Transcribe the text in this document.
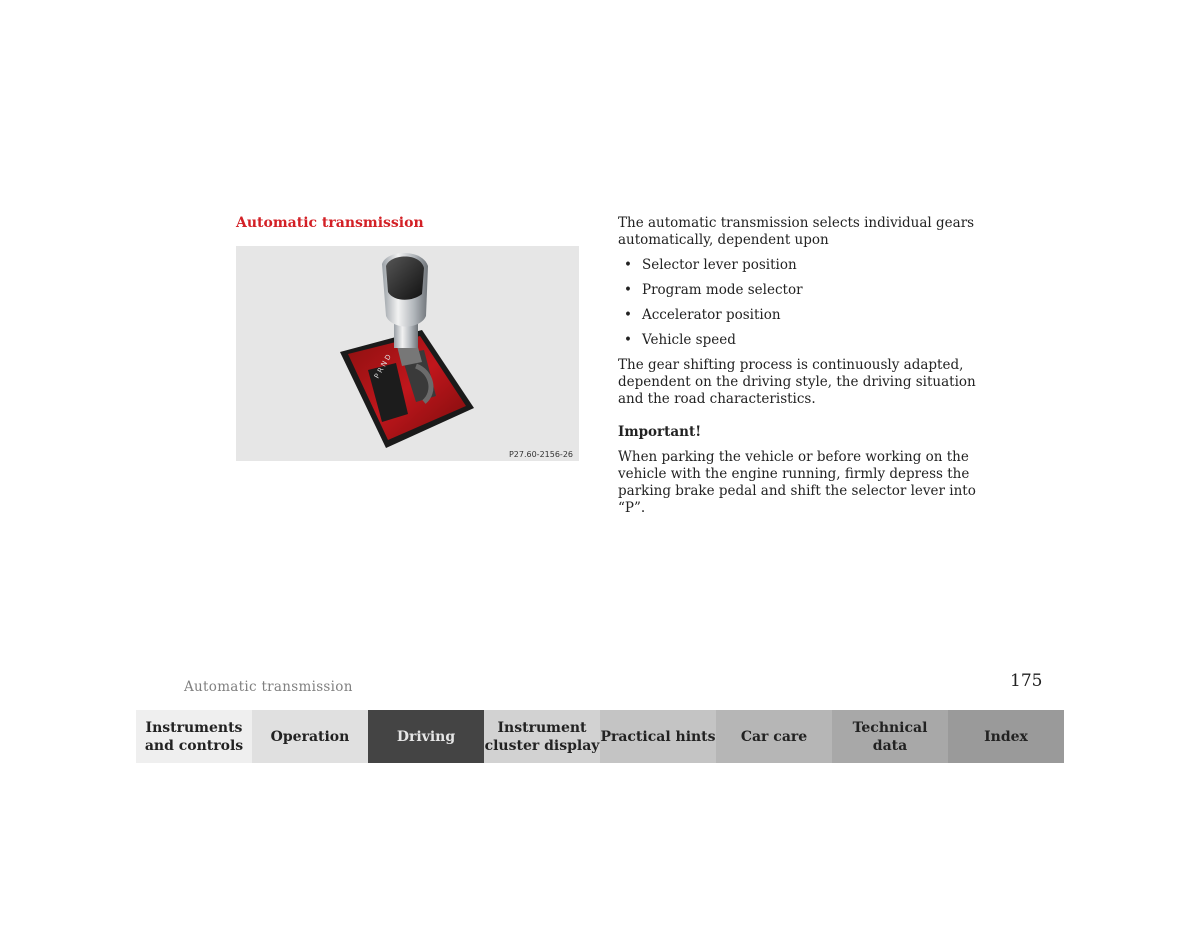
Automatic transmission
P R N D
P27.60-2156-26

The automatic transmission selects individual gears automatically, dependent upon

• Selector lever position
• Program mode selector
• Accelerator position
• Vehicle speed

The gear shifting process is continuously adapted, dependent on the driving style, the driving situation and the road characteristics.

Important!

When parking the vehicle or before working on the vehicle with the engine running, firmly depress the parking brake pedal and shift the selector lever into “P”.

Automatic transmission	175
Instruments
and controls
Operation	Driving
Instrument
cluster display
Practical hints	Car care
Technical
data
Index
